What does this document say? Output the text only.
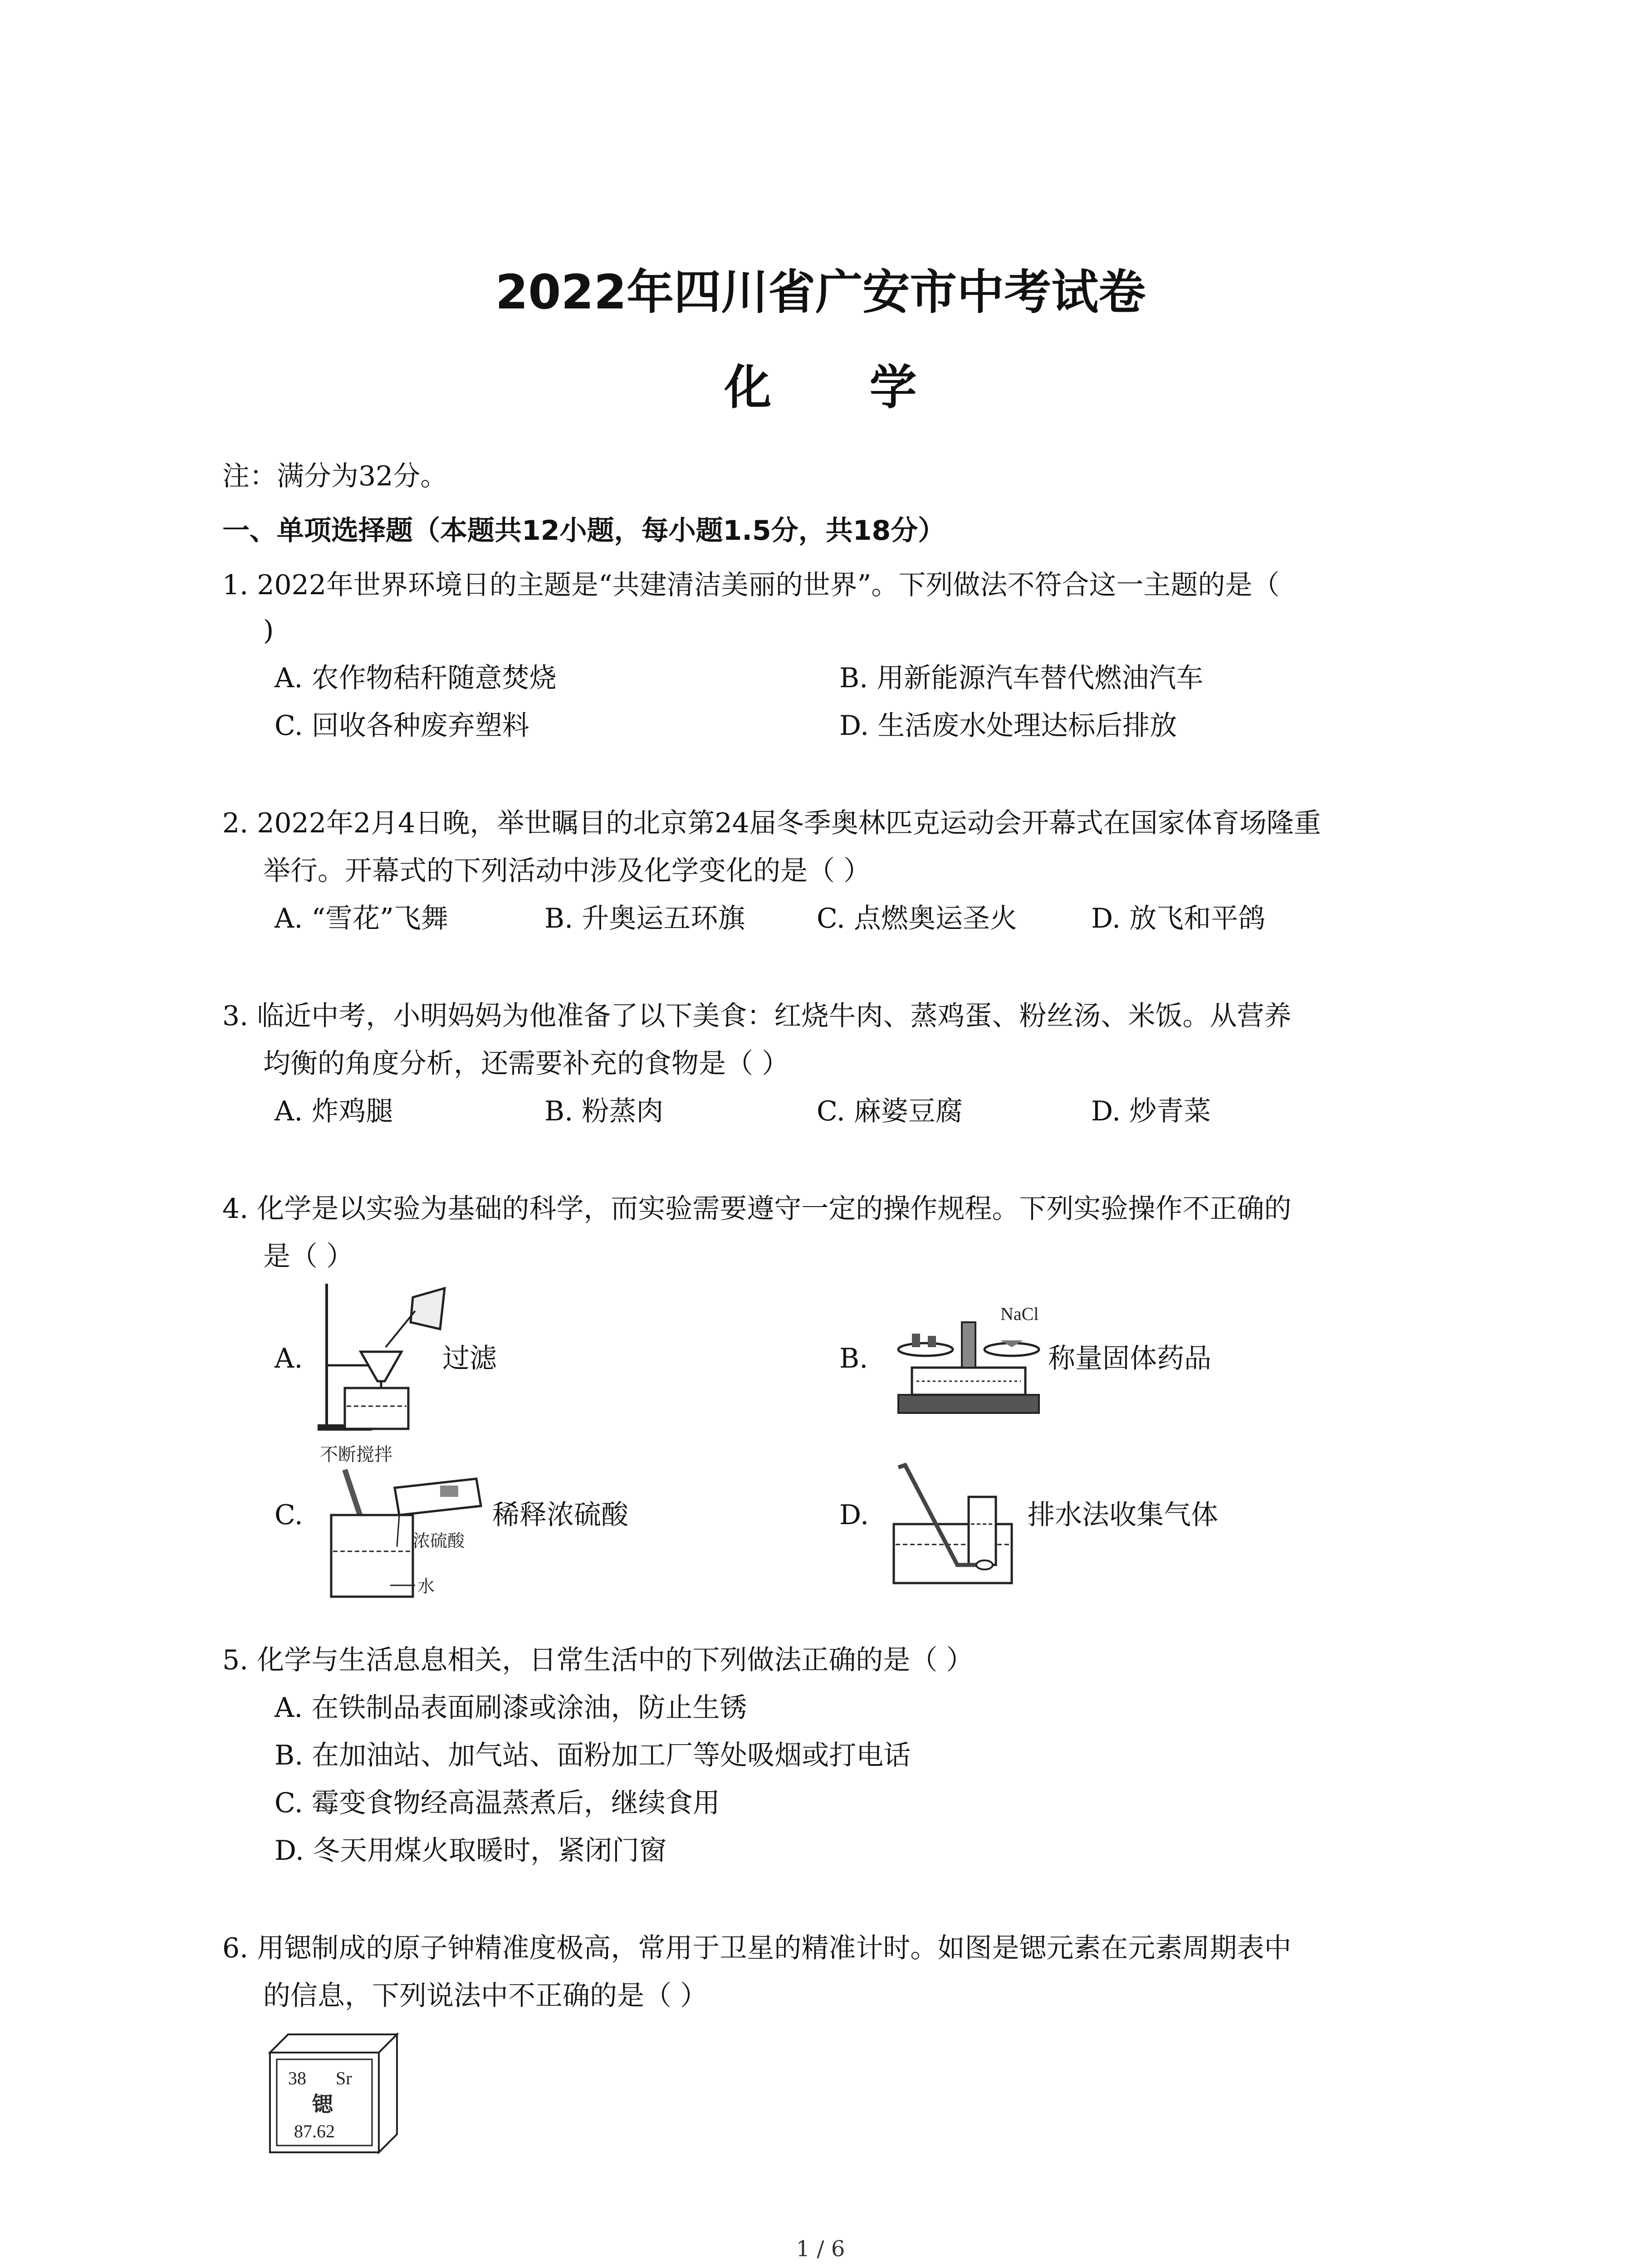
2022年四川省广安市中考试卷
化 学
注：满分为32分。
一、单项选择题（本题共12小题，每小题1.5分，共18分）
1. 2022年世界环境日的主题是“共建清洁美丽的世界”。下列做法不符合这一主题的是（
)
A. 农作物秸秆随意焚烧	B. 用新能源汽车替代燃油汽车
C. 回收各种废弃塑料	D. 生活废水处理达标后排放
2. 2022年2月4日晚，举世瞩目的北京第24届冬季奥林匹克运动会开幕式在国家体育场隆重
举行。开幕式的下列活动中涉及化学变化的是（ ）
A. “雪花”飞舞	B. 升奥运五环旗	C. 点燃奥运圣火	D. 放飞和平鸽
3. 临近中考，小明妈妈为他准备了以下美食：红烧牛肉、蒸鸡蛋、粉丝汤、米饭。从营养
均衡的角度分析，还需要补充的食物是（ ）
A. 炸鸡腿	B. 粉蒸肉	C. 麻婆豆腐	D. 炒青菜
4. 化学是以实验为基础的科学，而实验需要遵守一定的操作规程。下列实验操作不正确的
是（ ）
A.	过滤	B.
NaCl
称量固体药品
C.
不断搅拌
浓硫酸
水
稀释浓硫酸	D.	排水法收集气体
5. 化学与生活息息相关，日常生活中的下列做法正确的是（ ）
A. 在铁制品表面刷漆或涂油，防止生锈
B. 在加油站、加气站、面粉加工厂等处吸烟或打电话
C. 霉变食物经高温蒸煮后，继续食用
D. 冬天用煤火取暖时，紧闭门窗
6. 用锶制成的原子钟精准度极高，常用于卫星的精准计时。如图是锶元素在元素周期表中
的信息，下列说法中不正确的是（ ）
38 Sr
锶
87.62
1 / 6
